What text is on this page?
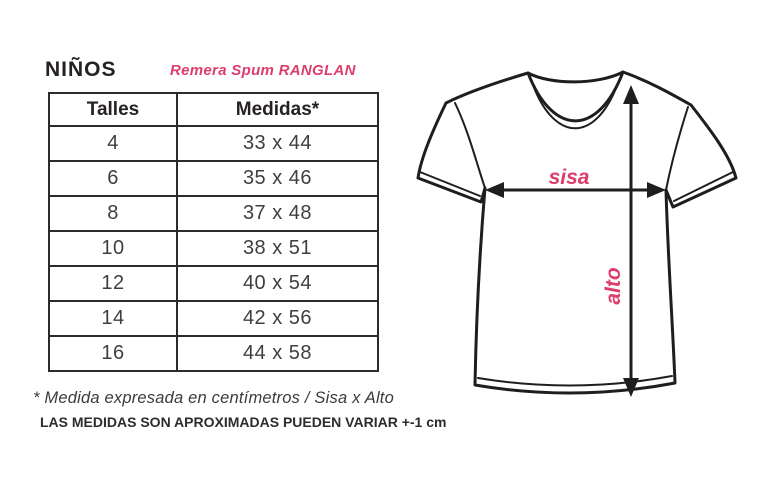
NIÑOS	Remera Spum RANGLAN
Talles	Medidas*
4	33 x 44
6	35 x 46
8	37 x 48
10	38 x 51
12	40 x 54
14	42 x 56
16	44 x 58
* Medida expresada en centímetros / Sisa x Alto
LAS MEDIDAS SON APROXIMADAS PUEDEN VARIAR +-1 cm
sisa
alto
